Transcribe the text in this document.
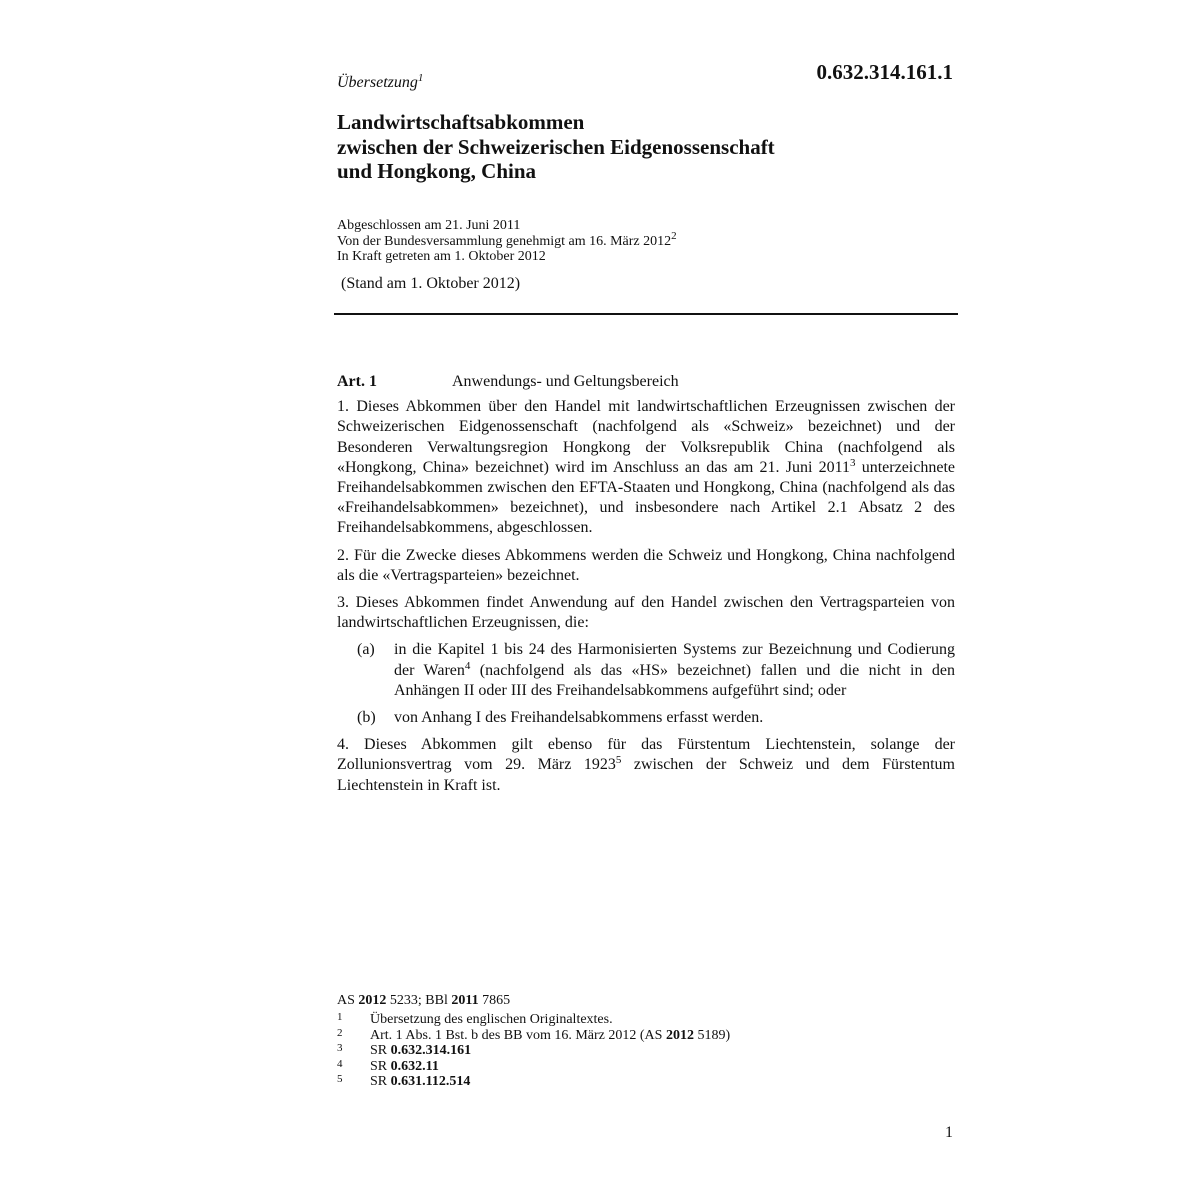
Übersetzung$^1$	0.632.314.161.1
Landwirtschaftsabkommen
zwischen der Schweizerischen Eidgenossenschaft
und Hongkong, China
Abgeschlossen am 21. Juni 2011
Von der Bundesversammlung genehmigt am 16. März 2012$^2$
In Kraft getreten am 1. Oktober 2012
(Stand am 1. Oktober 2012)
Art. 1	Anwendungs- und Geltungsbereich

1. Dieses Abkommen über den Handel mit landwirtschaftlichen Erzeugnissen zwischen der Schweizerischen Eidgenossenschaft (nachfolgend als «Schweiz» bezeichnet) und der Besonderen Verwaltungsregion Hongkong der Volksrepublik China (nachfolgend als «Hongkong, China» bezeichnet) wird im Anschluss an das am 21. Juni 2011$^3$ unterzeichnete Freihandelsabkommen zwischen den EFTA-Staaten und Hongkong, China (nachfolgend als das «Freihandelsabkommen» bezeichnet), und insbesondere nach Artikel 2.1 Absatz 2 des Freihandelsabkommens, abgeschlossen.

2. Für die Zwecke dieses Abkommens werden die Schweiz und Hongkong, China nachfolgend als die «Vertragsparteien» bezeichnet.

3. Dieses Abkommen findet Anwendung auf den Handel zwischen den Vertragsparteien von landwirtschaftlichen Erzeugnissen, die:

(a)	in die Kapitel 1 bis 24 des Harmonisierten Systems zur Bezeichnung und Codierung der Waren$^4$ (nachfolgend als das «HS» bezeichnet) fallen und die nicht in den Anhängen II oder III des Freihandelsabkommens aufgeführt sind; oder
(b)	von Anhang I des Freihandelsabkommens erfasst werden.

4. Dieses Abkommen gilt ebenso für das Fürstentum Liechtenstein, solange der Zollunionsvertrag vom 29. März 1923$^5$ zwischen der Schweiz und dem Fürstentum Liechtenstein in Kraft ist.

AS 2012 5233; BBl 2011 7865
1	Übersetzung des englischen Originaltextes.
2	Art. 1 Abs. 1 Bst. b des BB vom 16. März 2012 (AS 2012 5189)
3	SR 0.632.314.161
4	SR 0.632.11
5	SR 0.631.112.514
1
